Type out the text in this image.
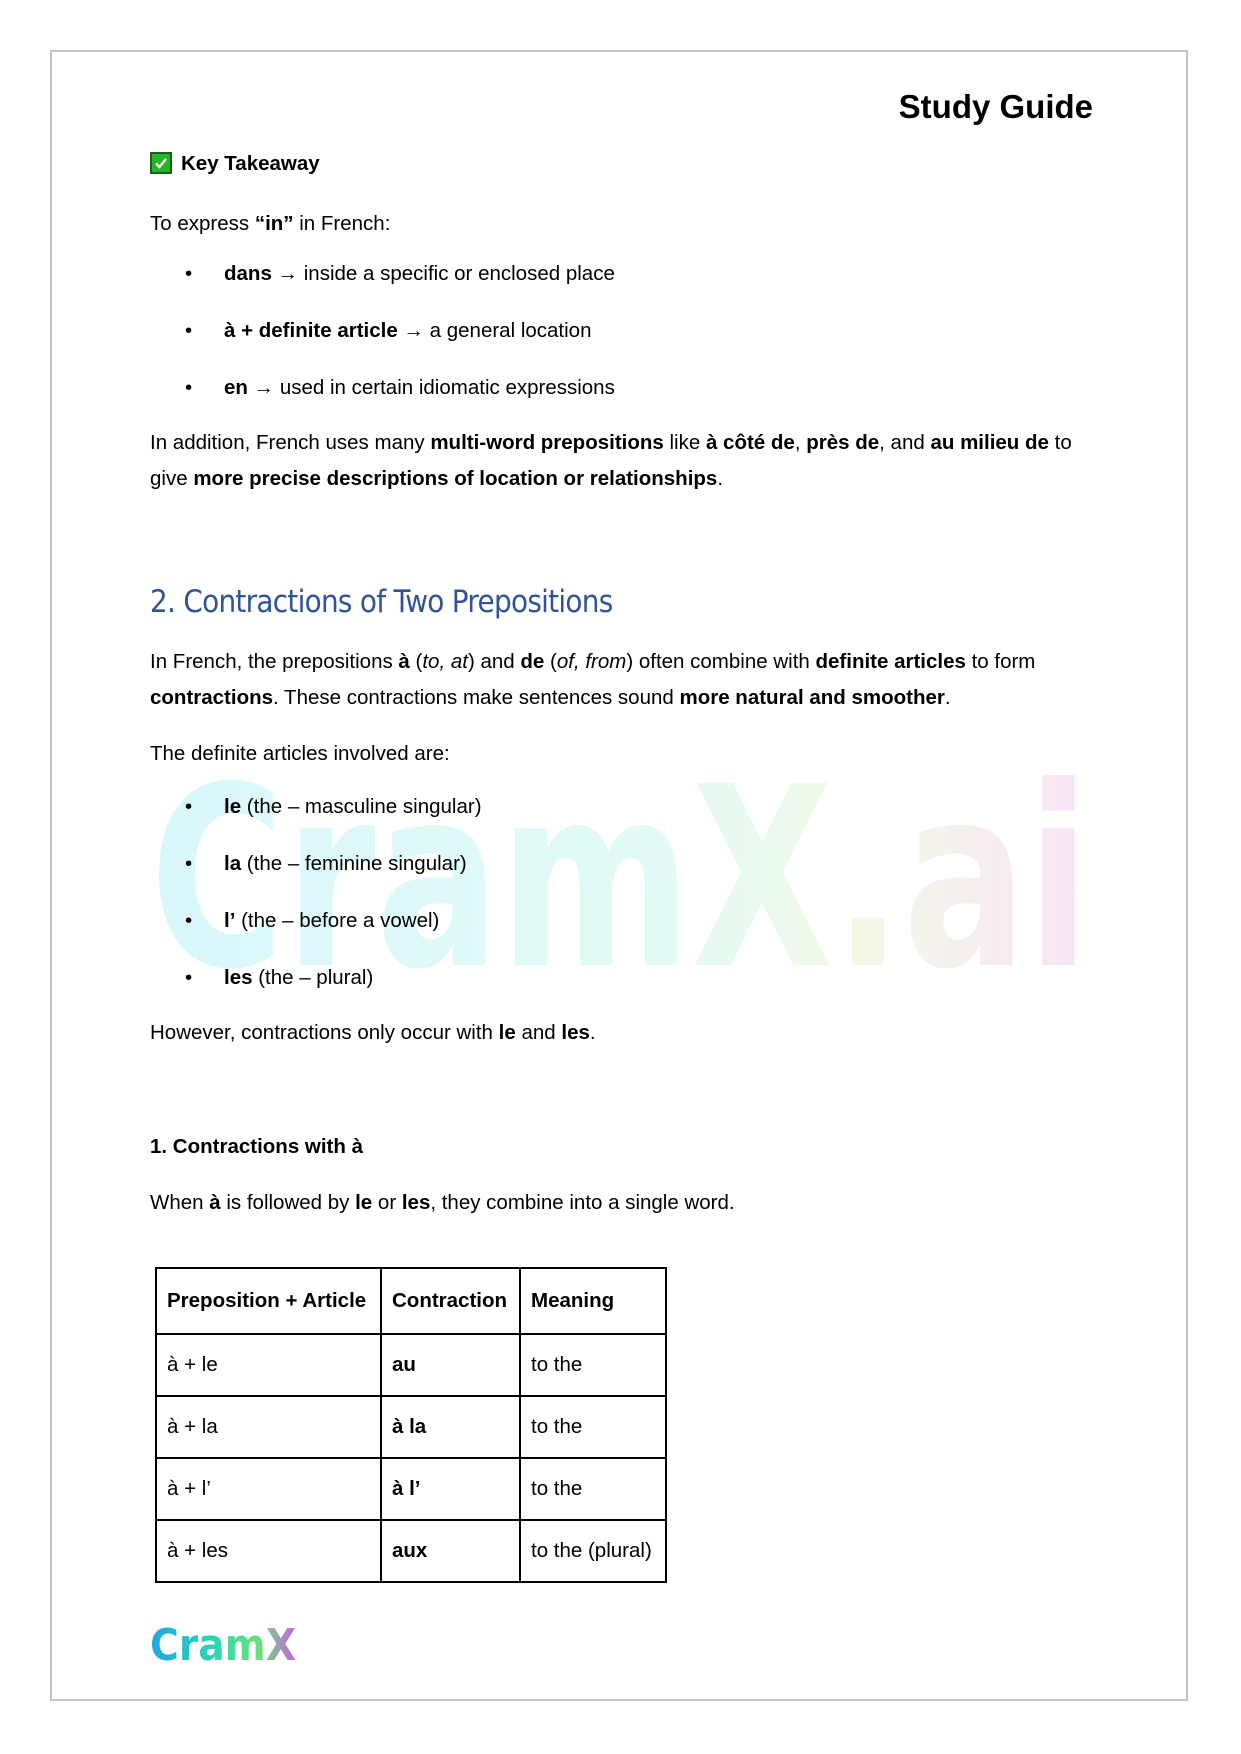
CramX.ai
Study Guide
Key Takeaway
To express “in” in French:
• dans → inside a specific or enclosed place
• à + definite article → a general location
• en → used in certain idiomatic expressions
In addition, French uses many multi-word prepositions like à côté de, près de, and au milieu de to
give more precise descriptions of location or relationships.
2. Contractions of Two Prepositions
In French, the prepositions à (to, at) and de (of, from) often combine with definite articles to form
contractions. These contractions make sentences sound more natural and smoother.
The definite articles involved are:
• le (the – masculine singular)
• la (the – feminine singular)
• l’ (the – before a vowel)
• les (the – plural)
However, contractions only occur with le and les.
1. Contractions with à
When à is followed by le or les, they combine into a single word.
Preposition + Article	Contraction	Meaning
à + le	au	to the
à + la	à la	to the
à + l’	à l’	to the
à + les	aux	to the (plural)
CramX
